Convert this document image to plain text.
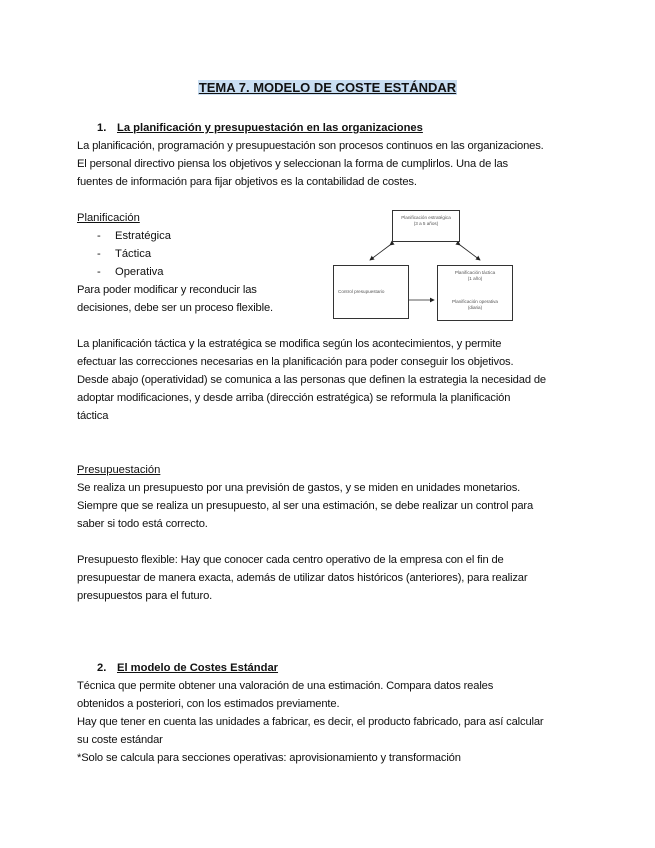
TEMA 7. MODELO DE COSTE ESTÁNDAR
1. La planificación y presupuestación en las organizaciones
La planificación, programación y presupuestación son procesos continuos en las organizaciones.
El personal directivo piensa los objetivos y seleccionan la forma de cumplirlos. Una de las
fuentes de información para fijar objetivos es la contabilidad de costes.
Planificación
- Estratégica
- Táctica
- Operativa
Para poder modificar y reconducir las
decisiones, debe ser un proceso flexible.
Planificación estratégica
(3 a 5 años)
Control presupuestario
Planificación táctica
(1 año)
Planificación operativa
(diaria)
La planificación táctica y la estratégica se modifica según los acontecimientos, y permite
efectuar las correcciones necesarias en la planificación para poder conseguir los objetivos.
Desde abajo (operatividad) se comunica a las personas que definen la estrategia la necesidad de
adoptar modificaciones, y desde arriba (dirección estratégica) se reformula la planificación
táctica
Presupuestación
Se realiza un presupuesto por una previsión de gastos, y se miden en unidades monetarios.
Siempre que se realiza un presupuesto, al ser una estimación, se debe realizar un control para
saber si todo está correcto.
Presupuesto flexible: Hay que conocer cada centro operativo de la empresa con el fin de
presupuestar de manera exacta, además de utilizar datos históricos (anteriores), para realizar
presupuestos para el futuro.
2. El modelo de Costes Estándar
Técnica que permite obtener una valoración de una estimación. Compara datos reales
obtenidos a posteriori, con los estimados previamente.
Hay que tener en cuenta las unidades a fabricar, es decir, el producto fabricado, para así calcular
su coste estándar
*Solo se calcula para secciones operativas: aprovisionamiento y transformación
